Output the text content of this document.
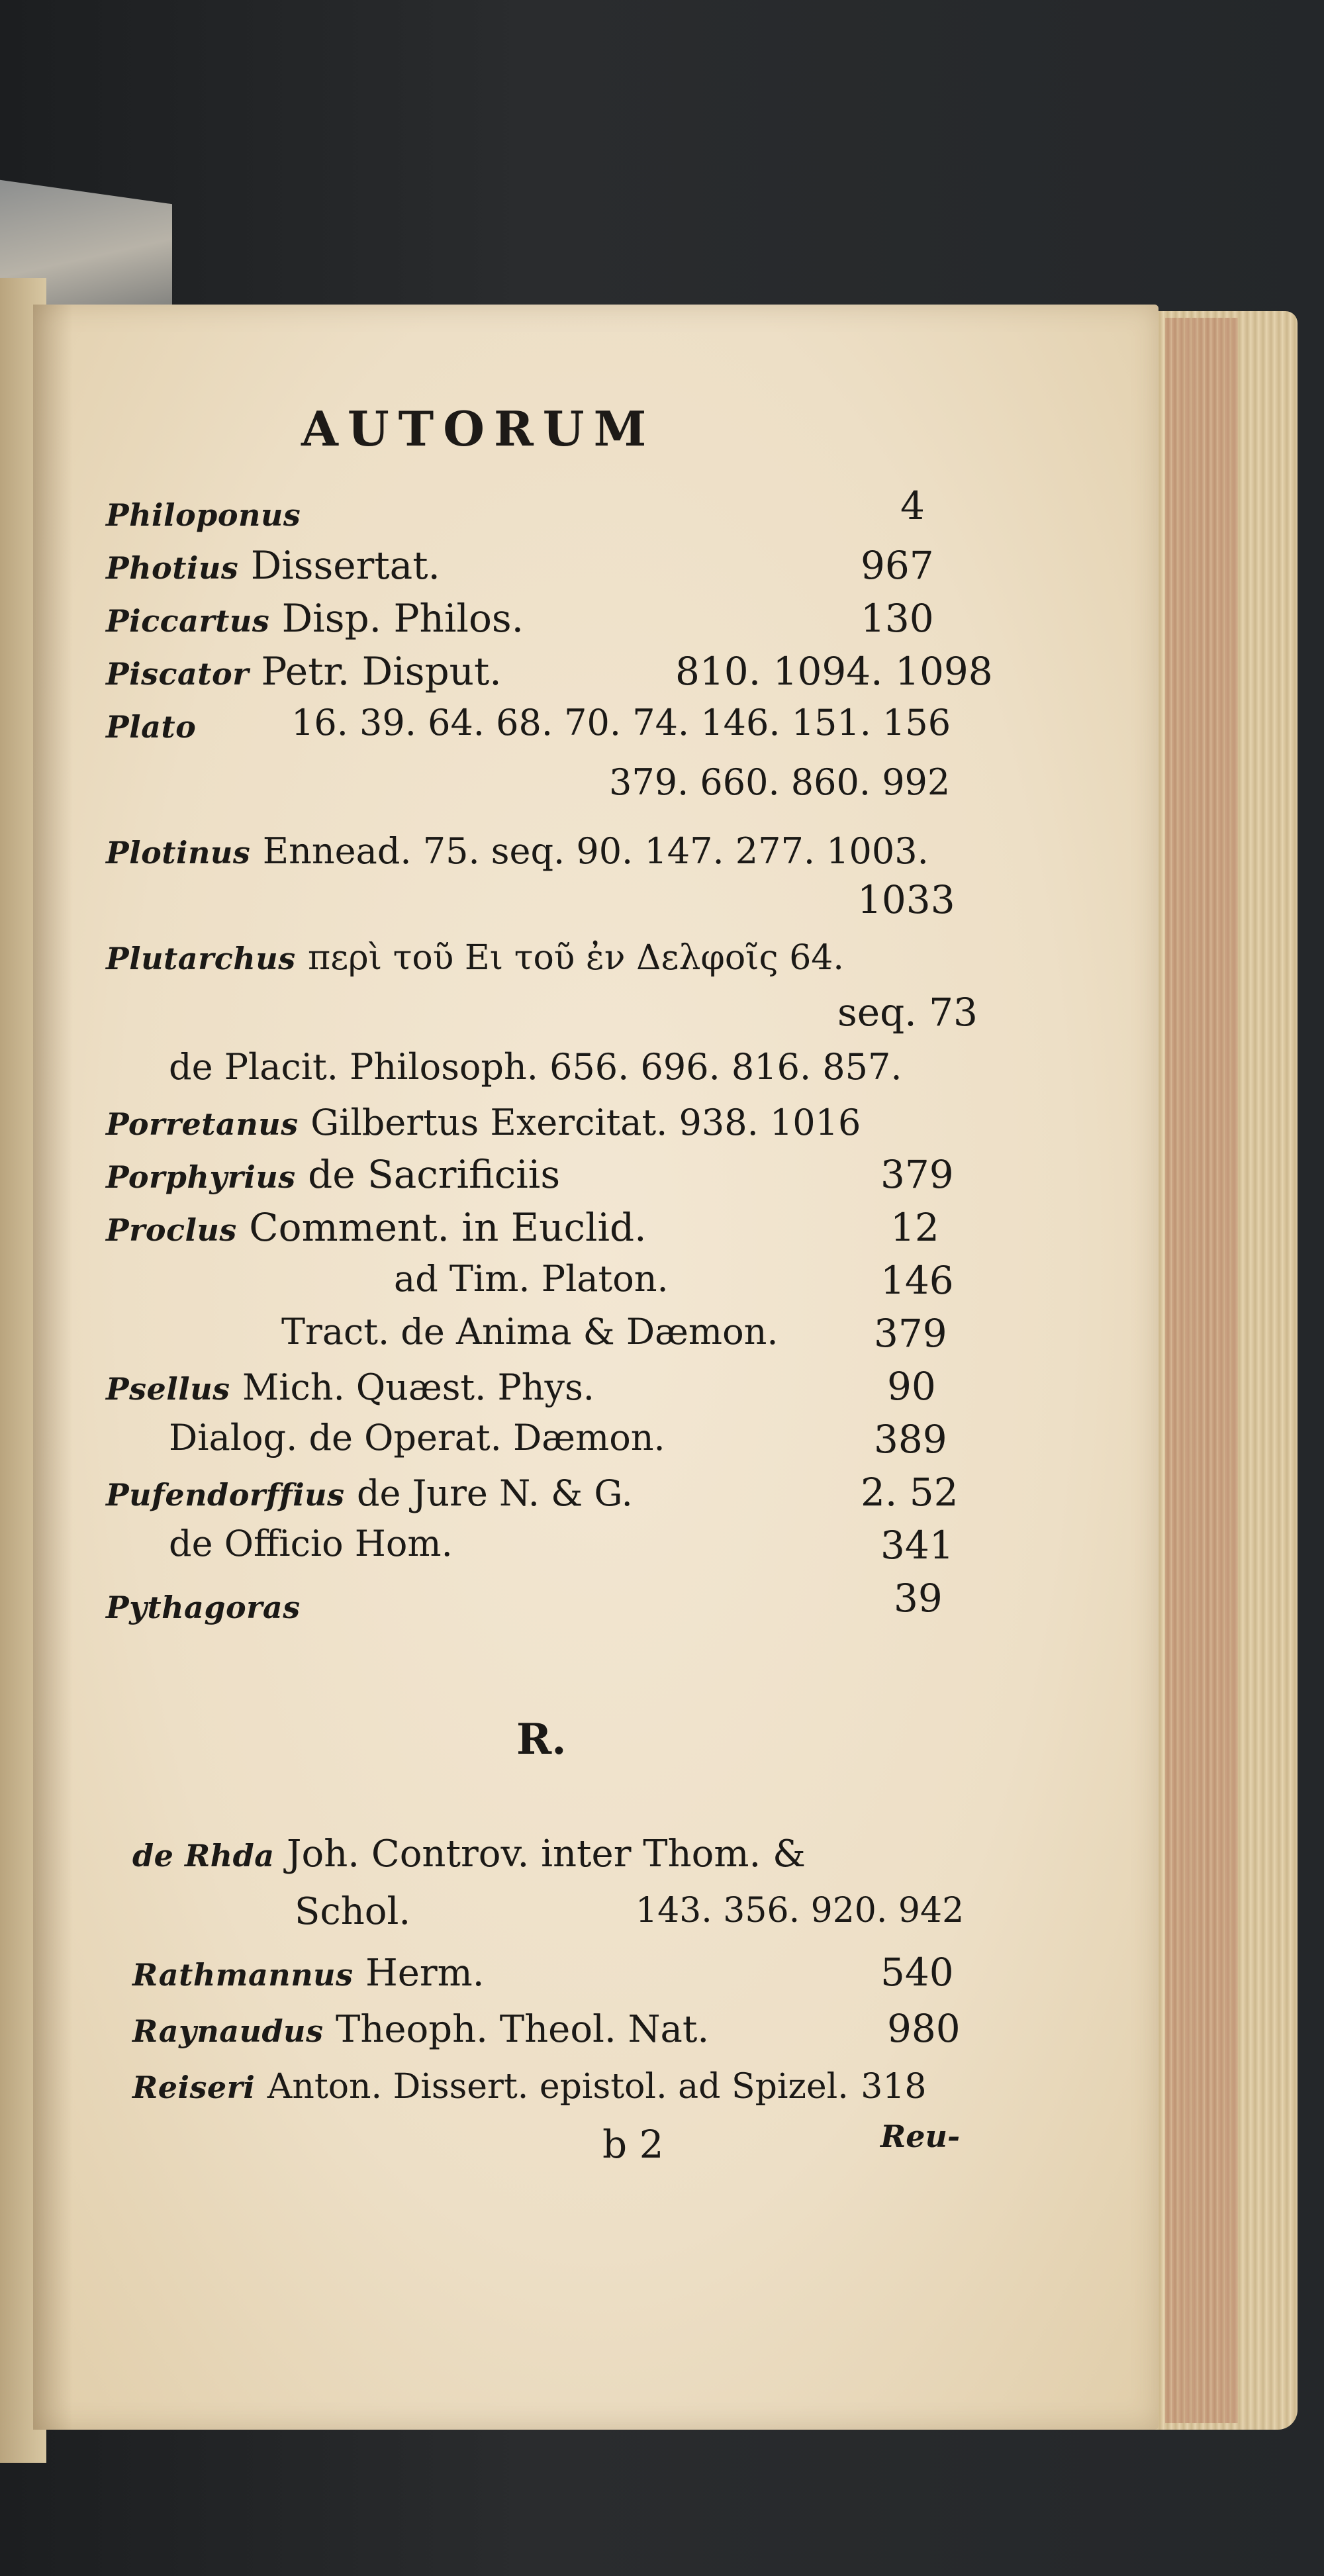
AUTORUM
Philoponus	4
Photius Dissertat.	967
Piccartus Disp. Philos.	130
Piscator Petr. Disput.	810. 1094. 1098
Plato	16. 39. 64. 68. 70. 74. 146. 151. 156
379. 660. 860. 992
Plotinus Ennead. 75. seq. 90. 147. 277. 1003.
1033
Plutarchus περὶ τοῦ Ει τοῦ ἐν Δελφοῖς 64.
seq. 73
de Placit. Philosoph. 656. 696. 816. 857.
Porretanus Gilbertus Exercitat. 938. 1016
Porphyrius de Sacrificiis	379
Proclus Comment. in Euclid.	12
ad Tim. Platon.	146
Tract. de Anima & Dæmon. 379
Psellus Mich. Quæst. Phys.	90
Dialog. de Operat. Dæmon.	389
Pufendorffius de Jure N. & G.	2. 52
de Officio Hom.	341
Pythagoras	39
R.
de Rhda Joh. Controv. inter Thom. &
Schol.	143. 356. 920. 942
Rathmannus Herm.	540
Raynaudus Theoph. Theol. Nat.	980
Reiseri Anton. Dissert. epistol. ad Spizel. 318
b 2	Reu-
